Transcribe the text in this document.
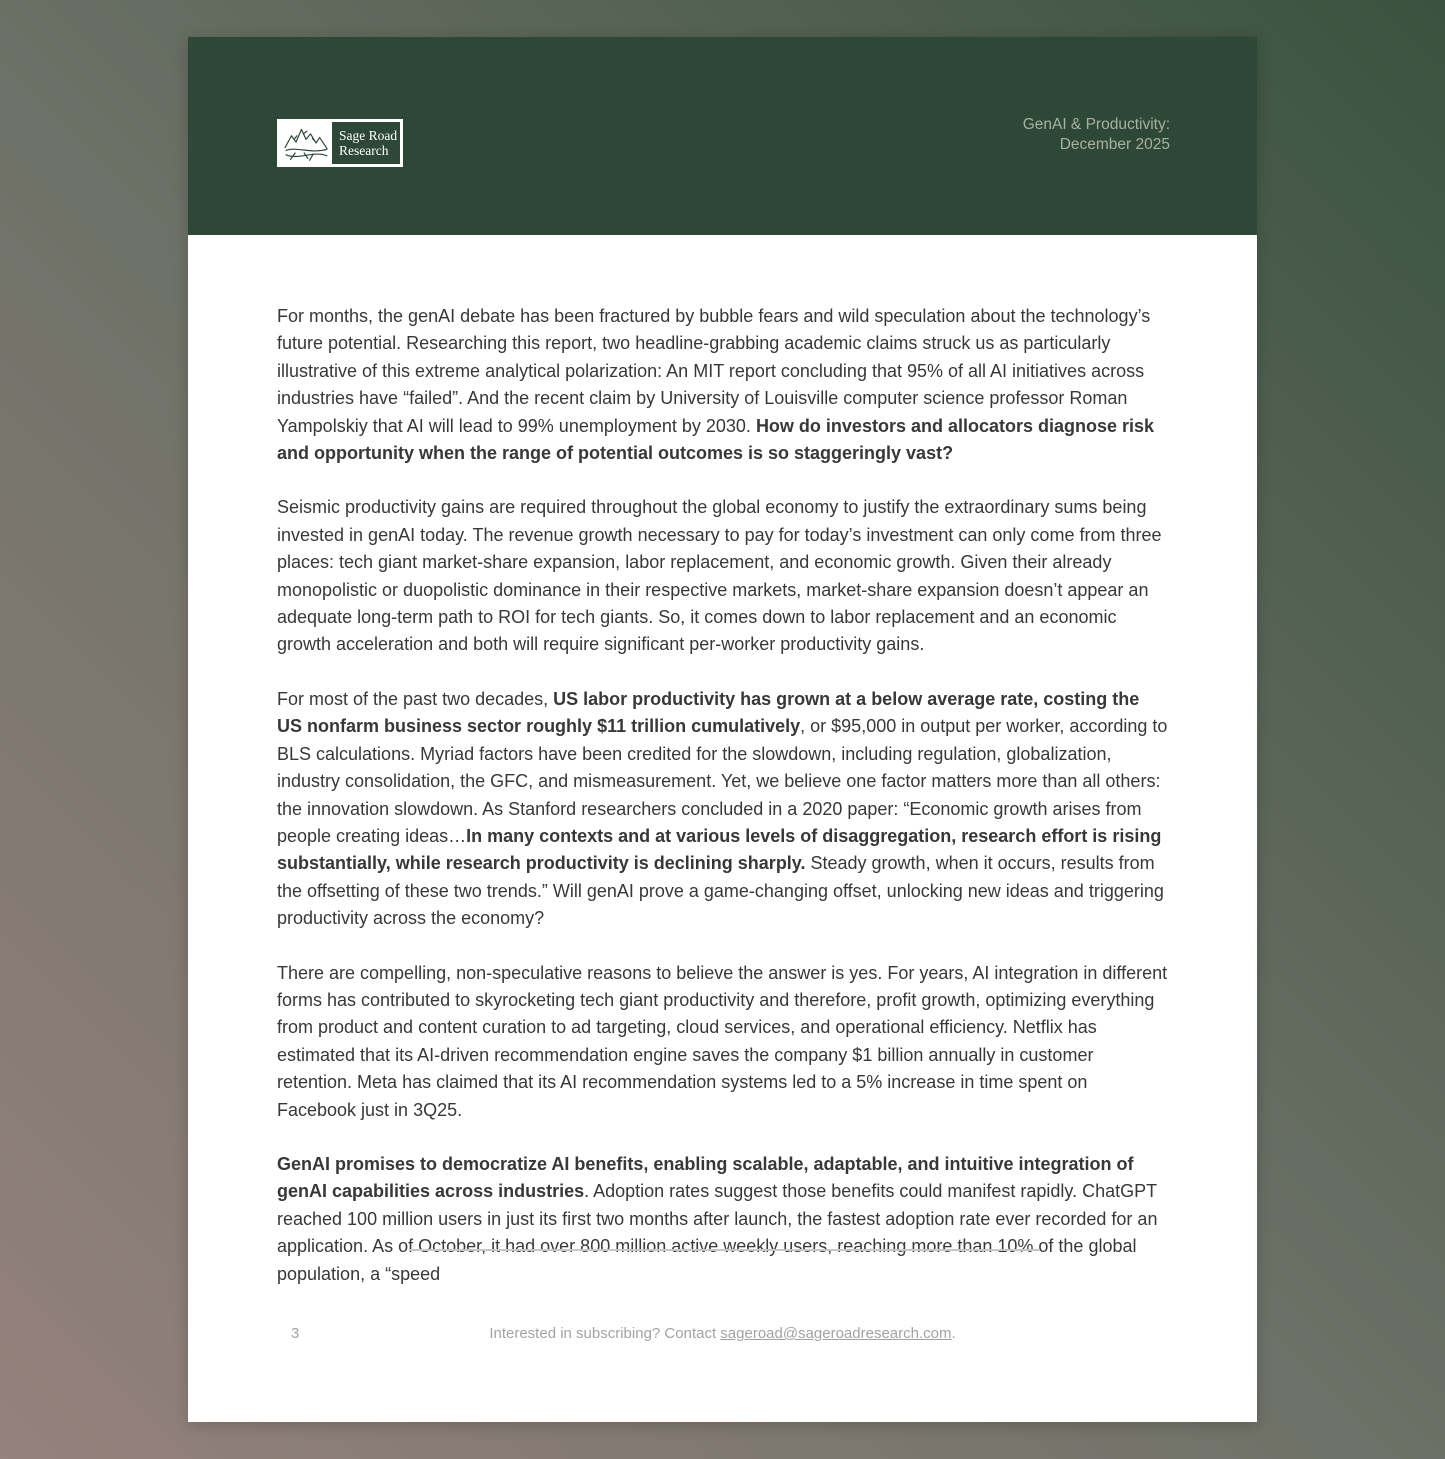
Sage Road
Research
GenAI & Productivity:
December 2025

For months, the genAI debate has been fractured by bubble fears and wild speculation about the technology’s future potential. Researching this report, two headline-grabbing academic claims struck us as particularly illustrative of this extreme analytical polarization: An MIT report concluding that 95% of all AI initiatives across industries have “failed”. And the recent claim by University of Louisville computer science professor Roman Yampolskiy that AI will lead to 99% unemployment by 2030. How do investors and allocators diagnose risk and opportunity when the range of potential outcomes is so staggeringly vast?

Seismic productivity gains are required throughout the global economy to justify the extraordinary sums being invested in genAI today. The revenue growth necessary to pay for today’s investment can only come from three places: tech giant market-share expansion, labor replacement, and economic growth. Given their already monopolistic or duopolistic dominance in their respective markets, market-share expansion doesn’t appear an adequate long-term path to ROI for tech giants. So, it comes down to labor replacement and an economic growth acceleration and both will require significant per-worker productivity gains.

For most of the past two decades, US labor productivity has grown at a below average rate, costing the US nonfarm business sector roughly $11 trillion cumulatively, or $95,000 in output per worker, according to BLS calculations. Myriad factors have been credited for the slowdown, including regulation, globalization, industry consolidation, the GFC, and mismeasurement. Yet, we believe one factor matters more than all others: the innovation slowdown. As Stanford researchers concluded in a 2020 paper: “Economic growth arises from people creating ideas…In many contexts and at various levels of disaggregation, research effort is rising substantially, while research productivity is declining sharply. Steady growth, when it occurs, results from the offsetting of these two trends.” Will genAI prove a game-changing offset, unlocking new ideas and triggering productivity across the economy?

There are compelling, non-speculative reasons to believe the answer is yes. For years, AI integration in different forms has contributed to skyrocketing tech giant productivity and therefore, profit growth, optimizing everything from product and content curation to ad targeting, cloud services, and operational efficiency. Netflix has estimated that its AI-driven recommendation engine saves the company $1 billion annually in customer retention. Meta has claimed that its AI recommendation systems led to a 5% increase in time spent on Facebook just in 3Q25.

GenAI promises to democratize AI benefits, enabling scalable, adaptable, and intuitive integration of genAI capabilities across industries. Adoption rates suggest those benefits could manifest rapidly. ChatGPT reached 100 million users in just its first two months after launch, the fastest adoption rate ever recorded for an application. As of October, it had over 800 million active weekly users, reaching more than 10% of the global population, a “speed

3	Interested in subscribing? Contact sageroad@sageroadresearch.com.
